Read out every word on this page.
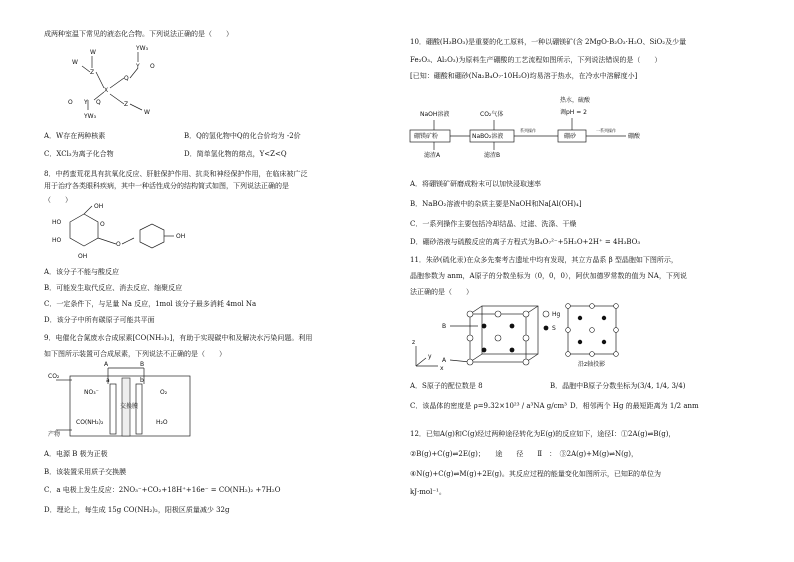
成两种室温下常见的液态化合物。下列说法正确的是（　　）
W
Z
W
X
Q
Y
YW₃
O
Y Q
YW₃
Z
W
O
A．W存在两种核素	B．Q的氢化物中Q的化合价均为 -2价
C．XCl₃为离子化合物	D．简单氢化物的熔点，Y<Z<Q
8．中药蛮荒花具有抗氧化反应、肝脏保护作用、抗炎和神经保护作用，在临床被广泛
用于治疗各类眼科疾病，其中一种活性成分的结构简式如图，下列说法正确的是
（　　）
OH
HO
HO
OH
O
O
OH
A．该分子不能与酸反应
B．可能发生取代反应、消去反应、缩聚反应
C．一定条件下，与足量 Na 反应，1mol 该分子最多消耗 4mol Na
D．该分子中所有碳原子可能共平面
9．电催化合氮废水合成尿素[CO(NH₂)₂]，有助于实现碳中和及解决水污染问题。利用
如下图所示装置可合成尿素，下列说法不正确的是（　　）
A	B
a	b
CO₂
NO₃⁻
CO(NH₂)₂
交换膜
O₂
H₂O
产物
A．电源 B 极为正极
B．该装置采用质子交换膜
C．a 电极上发生反应：2NO₃⁻+CO₂+18H⁺+16e⁻ = CO(NH₂)₂ +7H₂O
D．理论上，每生成 15g CO(NH₂)₂，阳极区质量减少 32g
10．硼酸(H₃BO₃)是重要的化工原料，一种以硼镁矿(含 2MgO·B₂O₃·H₂O、SiO₂及少量
Fe₂O₃、Al₂O₃)为原料生产硼酸的工艺流程如图所示，下列说法错误的是（　　）
[已知：硼酸和硼砂(Na₂B₄O₇·10H₂O)均易溶于热水，在冷水中溶解度小]
NaOH溶液	CO₂气体
热水，硫酸
调pH = 2
硼镁矿粉	NaBO₂溶液
系列操作
硼砂
一系列操作
硼酸
滤渣A	滤渣B
A．将硼镁矿研磨成粉末可以加快浸取速率
B．NaBO₂溶液中的杂质主要是NaOH和Na[Al(OH)₄]
C．一系列操作主要包括冷却结晶、过滤、洗涤、干燥
D．硼砂溶液与硫酸反应的离子方程式为B₄O₇²⁻+5H₂O+2H⁺ = 4H₃BO₃
11．朱砂(硫化汞)在众多先秦考古遗址中均有发现，其立方晶系 β 型晶胞如下图所示，
晶胞参数为 anm，A原子的分数坐标为（0，0，0），阿伏加德罗常数的值为 NA，下列说
法正确的是（　　）
B
A
z
y
x
Hg
S
沿z轴投影
A．S原子的配位数是 8	B．晶胞中B原子分数坐标为(3/4, 1/4, 3/4)
C．该晶体的密度是 ρ=9.32×10²³ / a³NA g/cm³ D．相邻两个 Hg 的最短距离为 1/2 anm
12．已知A(g)和C(g)经过两种途径转化为E(g)的反应如下，途径Ⅰ：①2A(g)⇌B(g)，
②B(g)+C(g)⇌2E(g)；　　途　　径　　Ⅱ　：　③2A(g)+M(g)⇌N(g)，
④N(g)+C(g)⇌M(g)+2E(g)。其反应过程的能量变化如图所示，已知E的单位为
kJ·mol⁻¹。
